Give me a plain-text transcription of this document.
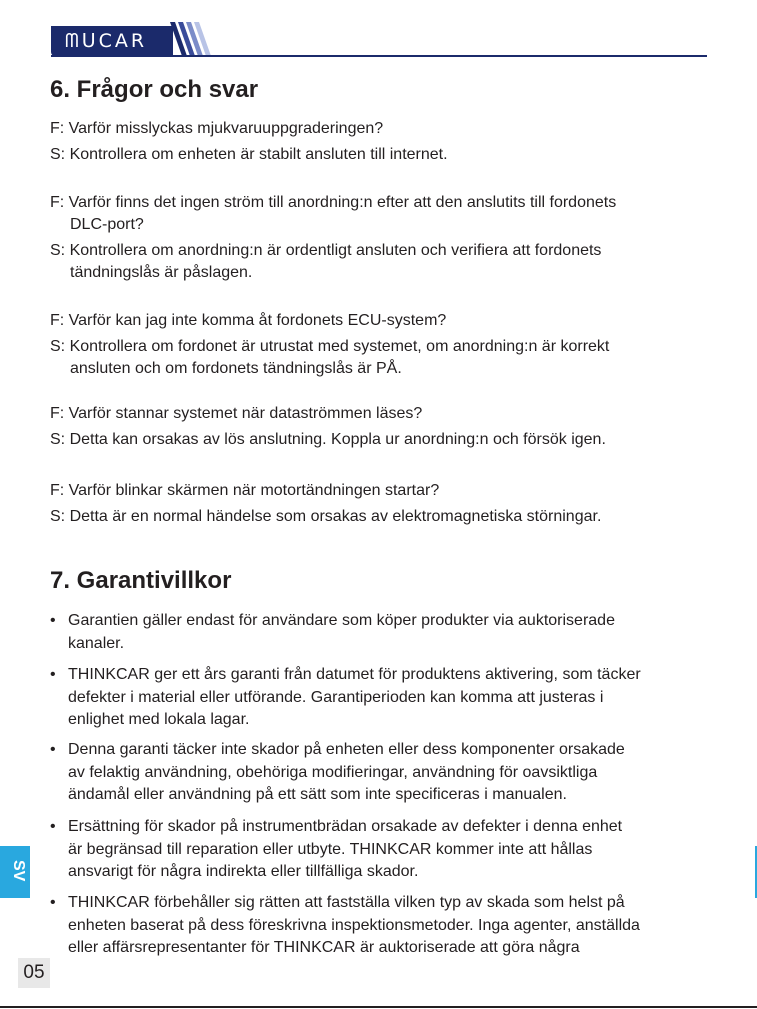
ᗰᑌCAR
6. Frågor och svar
F: Varför misslyckas mjukvaruuppgraderingen?

S: Kontrollera om enheten är stabilt ansluten till internet.
F: Varför finns det ingen ström till anordning:n efter att den anslutits till fordonets
DLC-port?
S: Kontrollera om anordning:n är ordentligt ansluten och verifiera att fordonets
tändningslås är påslagen.
F: Varför kan jag inte komma åt fordonets ECU-system?
S: Kontrollera om fordonet är utrustat med systemet, om anordning:n är korrekt
ansluten och om fordonets tändningslås är PÅ.
F: Varför stannar systemet när dataströmmen läses?

S: Detta kan orsakas av lös anslutning. Koppla ur anordning:n och försök igen.
F: Varför blinkar skärmen när motortändningen startar?

S: Detta är en normal händelse som orsakas av elektromagnetiska störningar.
7. Garantivillkor
• Garantien gäller endast för användare som köper produkter via auktoriserade
kanaler.
• THINKCAR ger ett års garanti från datumet för produktens aktivering, som täcker
defekter i material eller utförande. Garantiperioden kan komma att justeras i
enlighet med lokala lagar.
• Denna garanti täcker inte skador på enheten eller dess komponenter orsakade
av felaktig användning, obehöriga modifieringar, användning för oavsiktliga
ändamål eller användning på ett sätt som inte specificeras i manualen.
• Ersättning för skador på instrumentbrädan orsakade av defekter i denna enhet
är begränsad till reparation eller utbyte. THINKCAR kommer inte att hållas
ansvarigt för några indirekta eller tillfälliga skador.
• THINKCAR förbehåller sig rätten att fastställa vilken typ av skada som helst på
enheten baserat på dess föreskrivna inspektionsmetoder. Inga agenter, anställda
eller affärsrepresentanter för THINKCAR är auktoriserade att göra några
SV
05
